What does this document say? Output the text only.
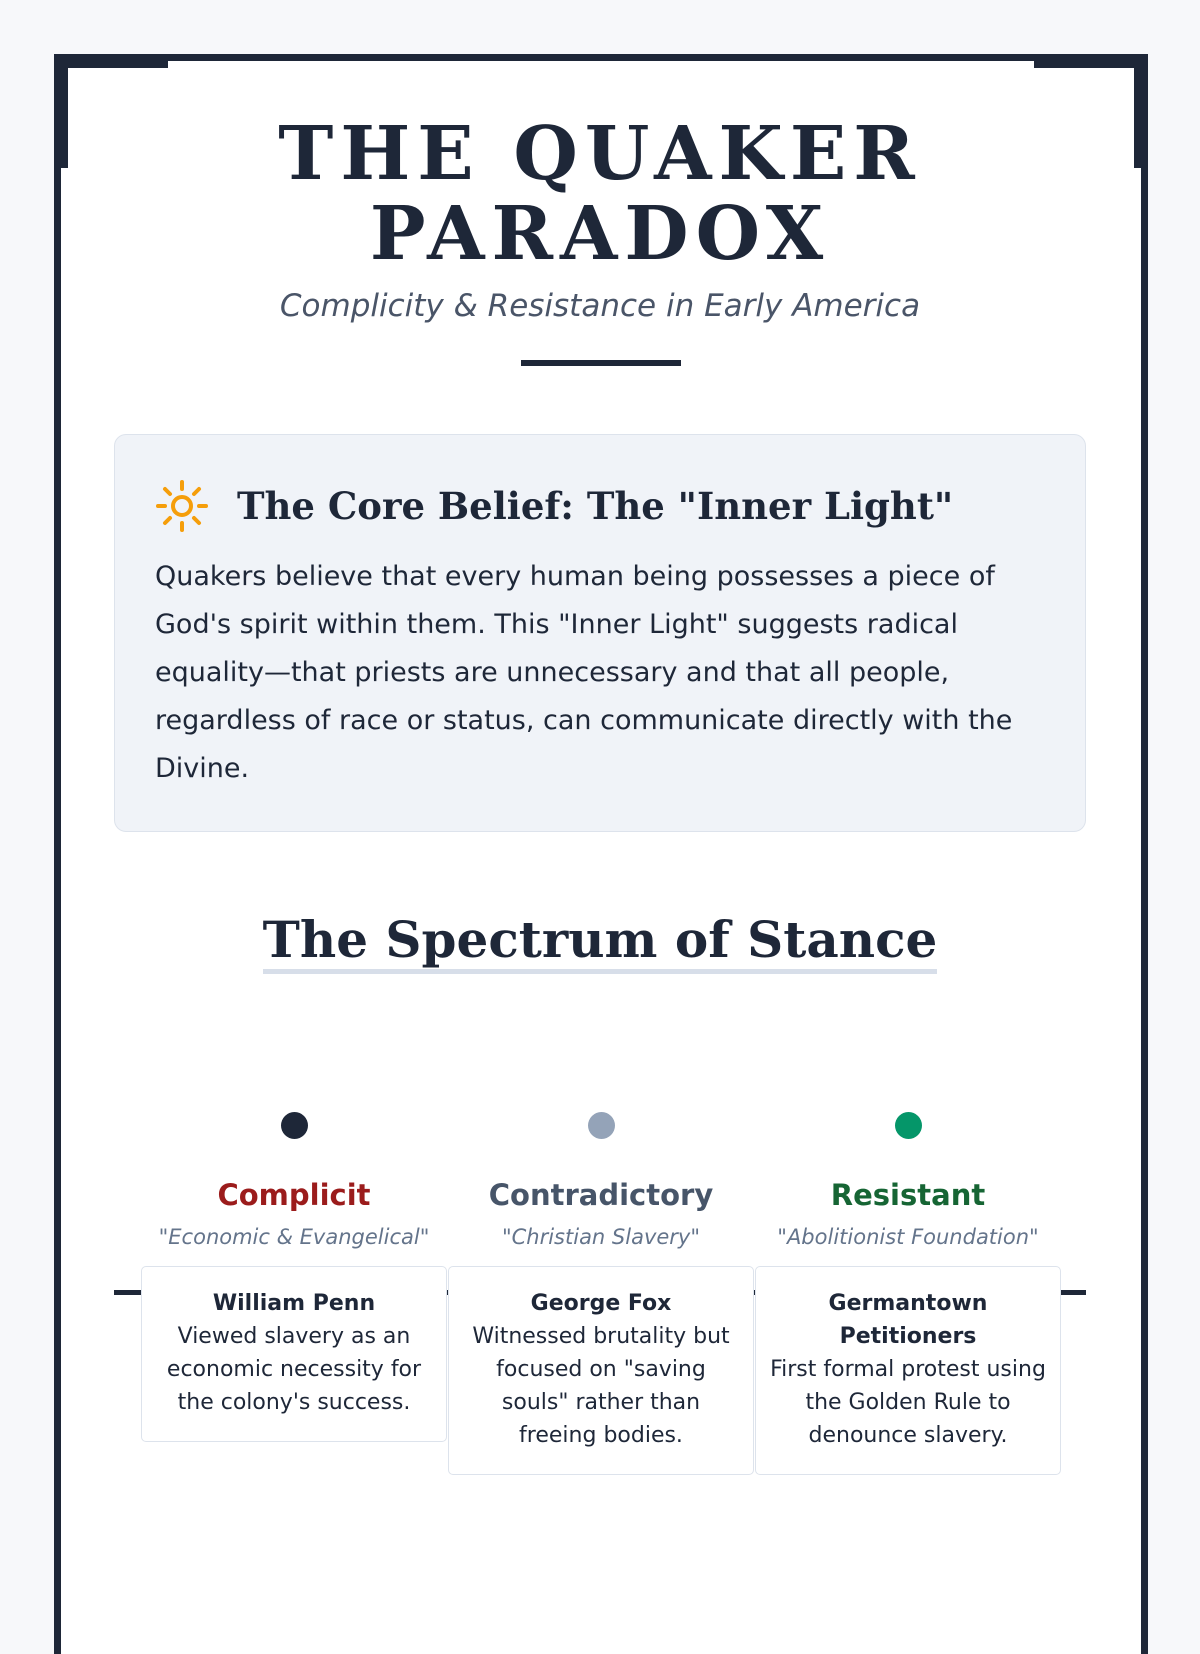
THE QUAKER
PARADOX

Complicity & Resistance in Early America

The Core Belief: The "Inner Light"

Quakers believe that every human being possesses a piece of God's spirit within them. This "Inner Light" suggests radical equality—that priests are unnecessary and that all people, regardless of race or status, can communicate directly with the Divine.

The Spectrum of Stance
Complicit
"Economic & Evangelical"
William Penn
Viewed slavery as an economic necessity for the colony's success.
Contradictory
"Christian Slavery"
George Fox
Witnessed brutality but focused on "saving souls" rather than freeing bodies.
Resistant
"Abolitionist Foundation"
Germantown Petitioners
First formal protest using the Golden Rule to denounce slavery.
